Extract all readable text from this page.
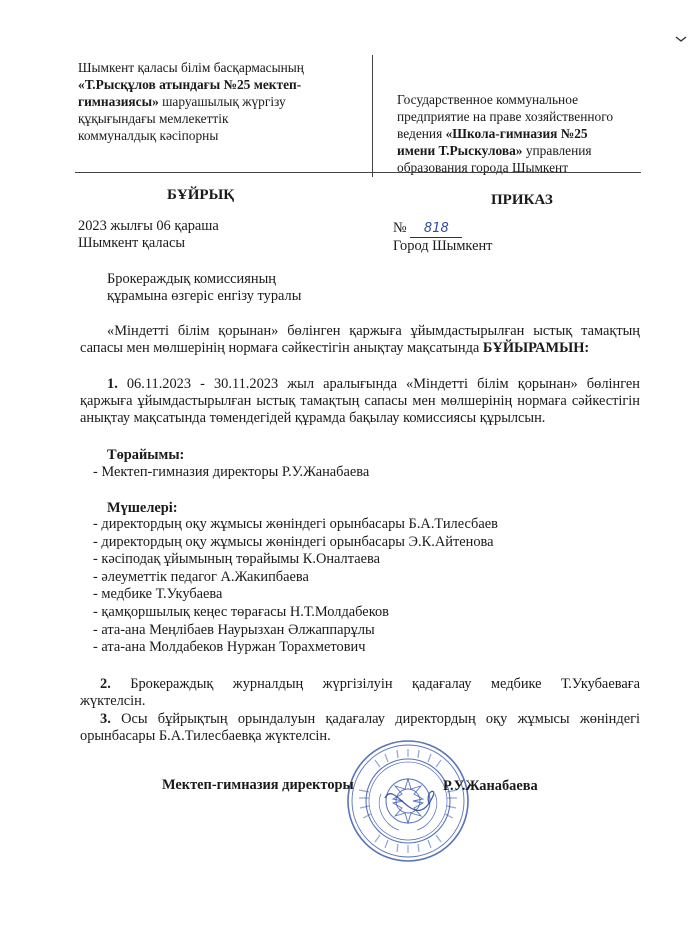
Шымкент қаласы білім басқармасының
«Т.Рысқұлов атындағы №25 мектеп-
гимназиясы» шаруашылық жүргізу
құқығындағы мемлекеттік
коммуналдық кәсіпорны
Государственное коммунальное
предприятие на праве хозяйственного
ведения «Школа-гимназия №25
имени Т.Рыскулова» управления
образования города Шымкент
БҰЙРЫҚ	ПРИКАЗ
2023 жылғы 06 қараша
Шымкент қаласы
№ 818
Город Шымкент
Брокераждық комиссияның
құрамына өзгеріс енгізу туралы
«Міндетті білім қорынан» бөлінген қаржыға ұйымдастырылған ыстық тамақтың
сапасы мен мөлшерінің нормаға сәйкестігін анықтау мақсатында БҰЙЫРАМЫН:
1. 06.11.2023 - 30.11.2023 жыл аралығында «Міндетті білім қорынан» бөлінген
қаржыға ұйымдастырылған ыстық тамақтың сапасы мен мөлшерінің нормаға сәйкестігін
анықтау мақсатында төмендегідей құрамда бақылау комиссиясы құрылсын.
Төрайымы:
- Мектеп-гимназия директоры Р.У.Жанабаева
Мүшелері:
- директордың оқу жұмысы жөніндегі орынбасары Б.А.Тилесбаев
- директордың оқу жұмысы жөніндегі орынбасары Э.К.Айтенова
- кәсіподақ ұйымының төрайымы К.Оналтаева
- әлеуметтік педагог А.Жакипбаева
- медбике Т.Укубаева
- қамқоршылық кеңес төрағасы Н.Т.Молдабеков
- ата-ана Меңлібаев Наурызхан Әлжаппарұлы
- ата-ана Молдабеков Нуржан Торахметович
2. Брокераждық журналдың жүргізілуін қадағалау медбике Т.Укубаеваға
жүктелсін.
3. Осы бұйрықтың орындалуын қадағалау директордың оқу жұмысы жөніндегі
орынбасары Б.А.Тилесбаевқа жүктелсін.
Мектеп-гимназия директоры	Р.У.Жанабаева
